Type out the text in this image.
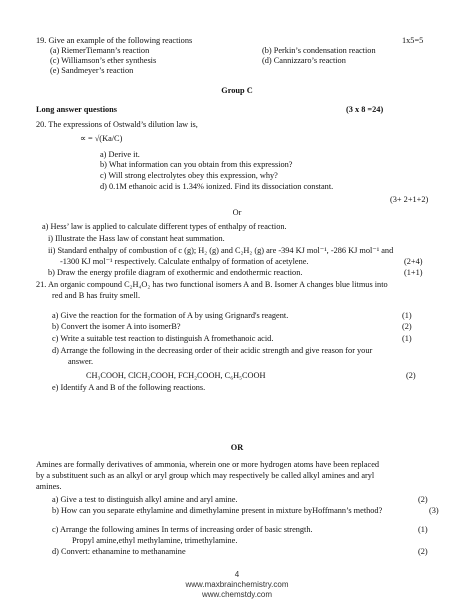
19. Give an example of the following reactions	1x5=5
(a) RiemerTiemann’s reaction	(b) Perkin’s condensation reaction
(c) Williamson’s ether synthesis	(d) Cannizzaro’s reaction
(e) Sandmeyer’s reaction
Group C
Long answer questions	(3 x 8 =24)
20. The expressions of Ostwald’s dilution law is,
∝ = √(Ka/C)
a) Derive it.
b) What information can you obtain from this expression?
c) Will strong electrolytes obey this expression, why?
d) 0.1M ethanoic acid is 1.34% ionized. Find its dissociation constant.
(3+ 2+1+2)
Or
a) Hess’ law is applied to calculate different types of enthalpy of reaction.
i) Illustrate the Hass law of constant heat summation.
ii) Standard enthalpy of combustion of c (g); H₂ (g) and C₂H₂ (g) are -394 KJ mol⁻¹, -286 KJ mol⁻¹ and
-1300 KJ mol⁻¹ respectively. Calculate enthalpy of formation of acetylene.	(2+4)
b) Draw the energy profile diagram of exothermic and endothermic reaction.	(1+1)
21. An organic compound C₂H₄O₂ has two functional isomers A and B. Isomer A changes blue litmus into
red and B has fruity smell.
a) Give the reaction for the formation of A by using Grignard's reagent.	(1)
b) Convert the isomer A into isomerB?	(2)
c) Write a suitable test reaction to distinguish A fromethanoic acid.	(1)
d) Arrange the following in the decreasing order of their acidic strength and give reason for your
answer.
CH₃COOH, ClCH₂COOH, FCH₂COOH, C₆H₅COOH	(2)
e) Identify A and B of the following reactions.
OR
Amines are formally derivatives of ammonia, wherein one or more hydrogen atoms have been replaced
by a substituent such as an alkyl or aryl group which may respectively be called alkyl amines and aryl
amines.
a) Give a test to distinguish alkyl amine and aryl amine.	(2)
b) How can you separate ethylamine and dimethylamine present in mixture byHoffmann’s method?	(3)
c) Arrange the following amines In terms of increasing order of basic strength.	(1)
Propyl amine,ethyl methylamine, trimethylamine.
d) Convert: ethanamine to methanamine	(2)
4
www.maxbrainchemistry.com
www.chemstdy.com
